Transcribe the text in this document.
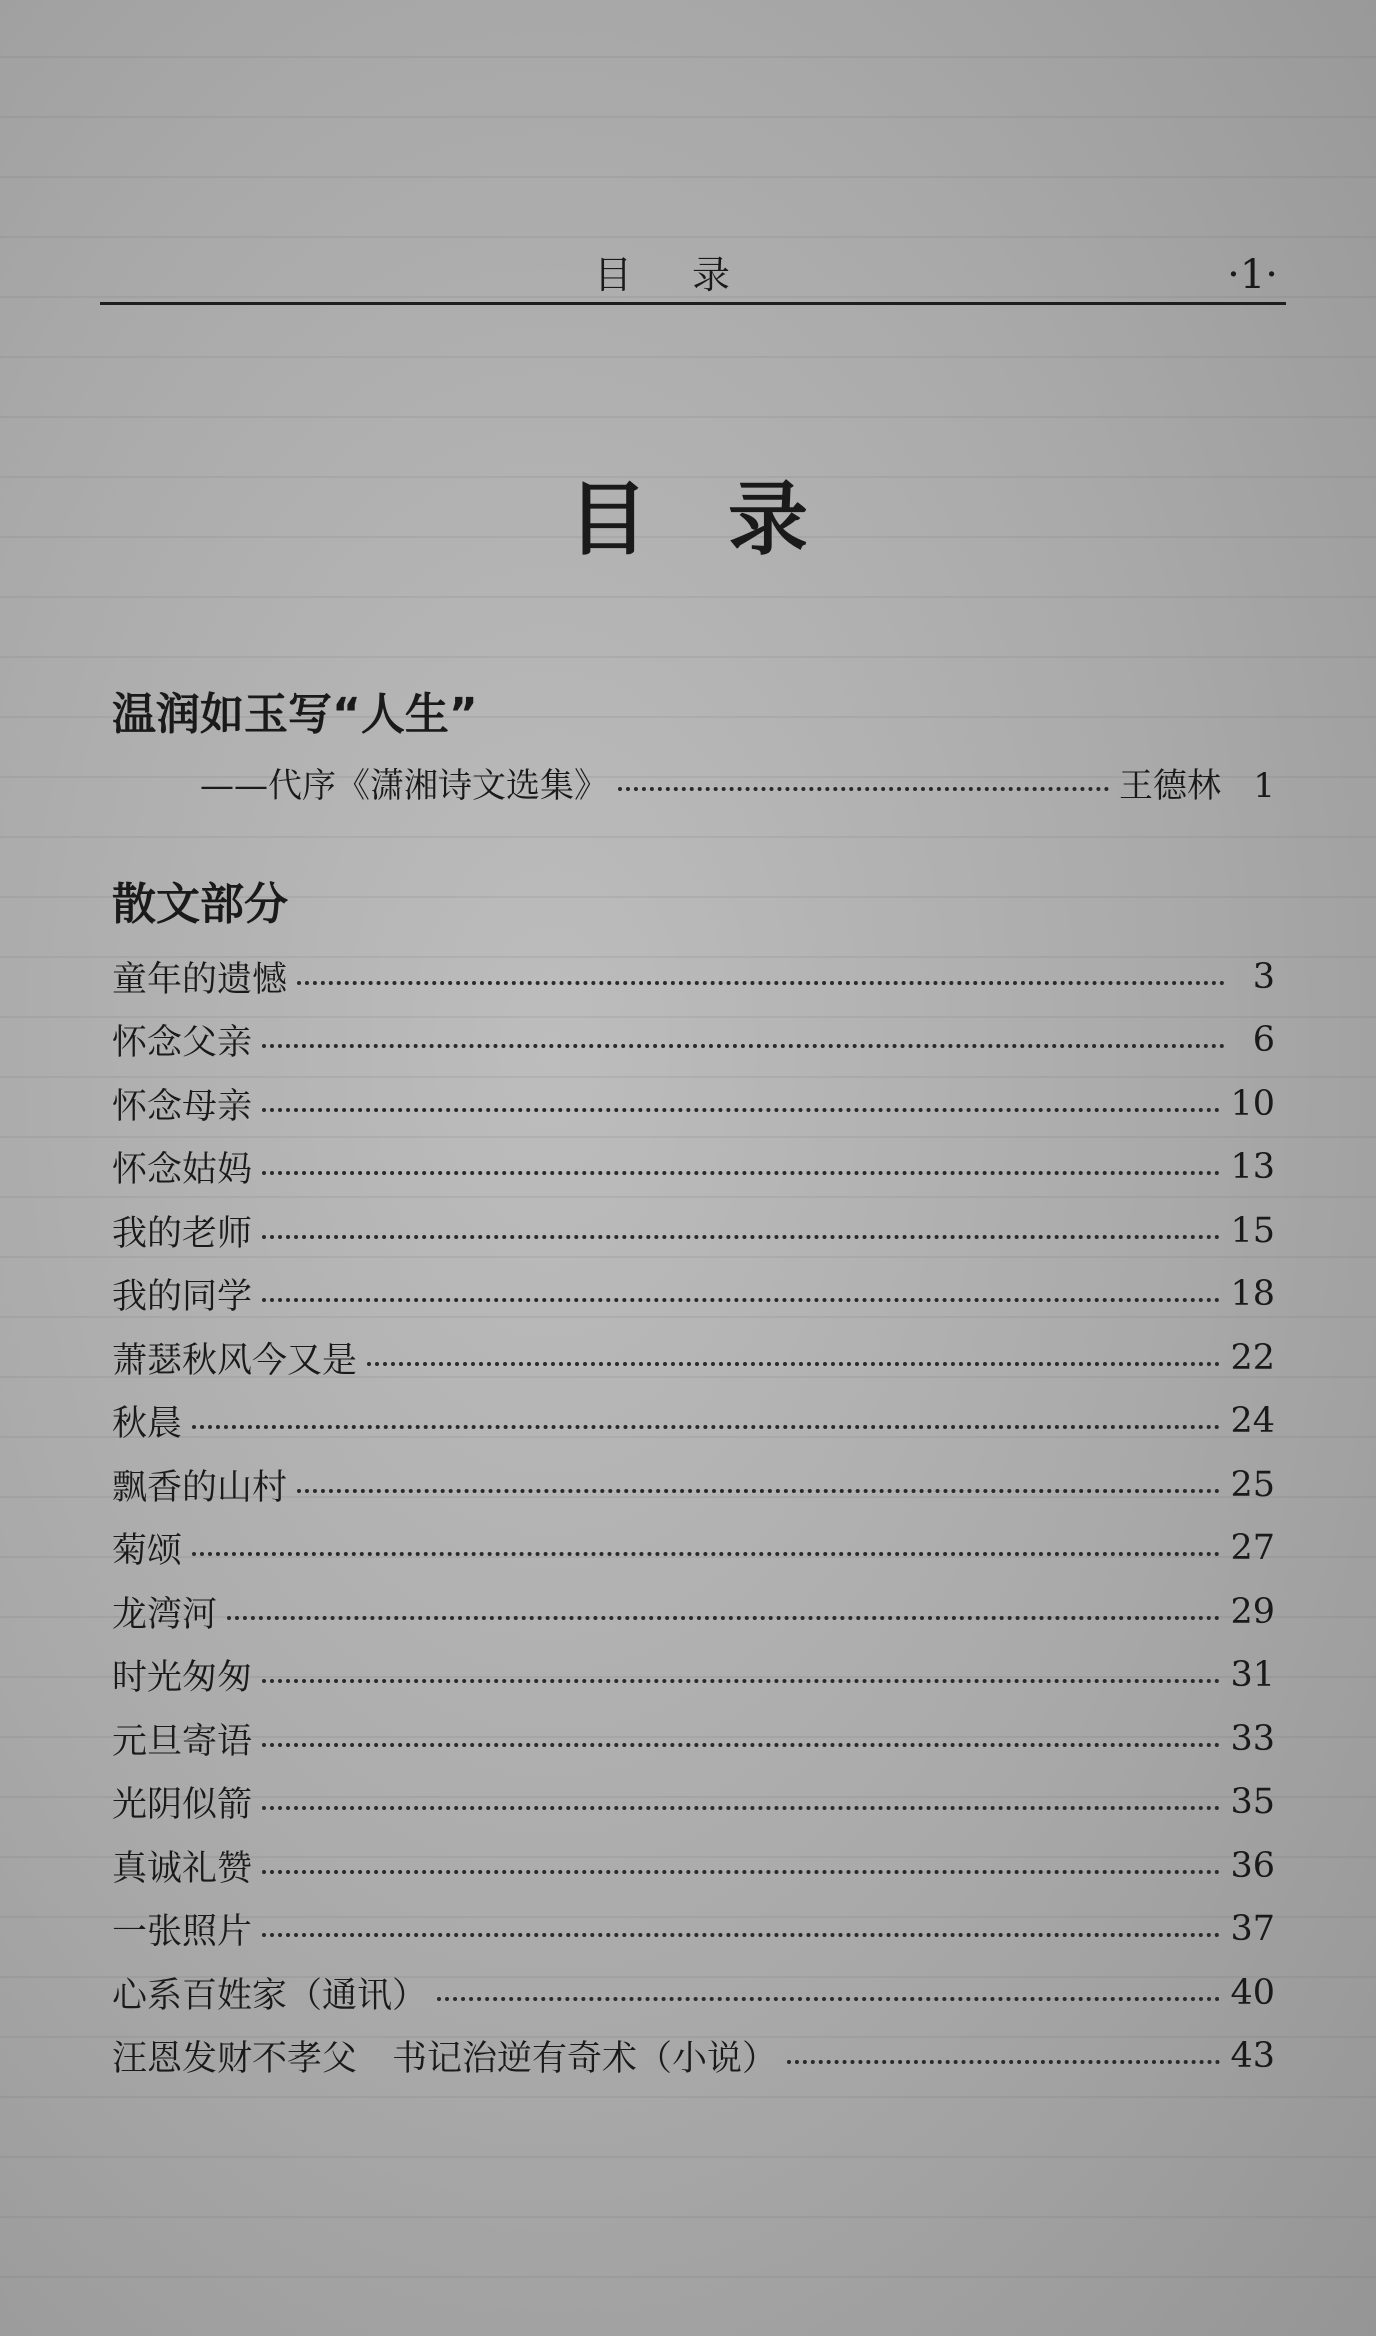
目录	·1·
目录
温润如玉写“人生”
——代序《潇湘诗文选集》	王德林 1
散文部分
童年的遗憾	3
怀念父亲	6
怀念母亲	10
怀念姑妈	13
我的老师	15
我的同学	18
萧瑟秋风今又是	22
秋晨	24
飘香的山村	25
菊颂	27
龙湾河	29
时光匆匆	31
元旦寄语	33
光阴似箭	35
真诚礼赞	36
一张照片	37
心系百姓家（通讯）	40
汪恩发财不孝父　书记治逆有奇术（小说）	43
